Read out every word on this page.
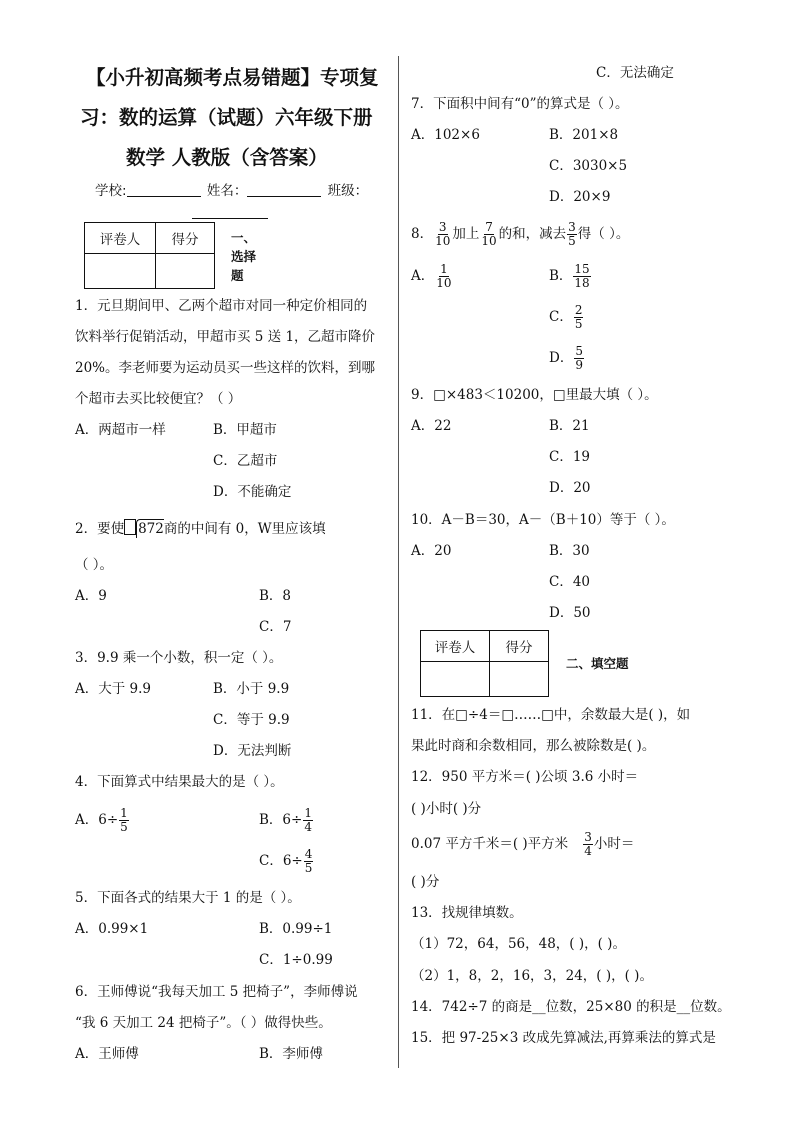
【小升初高频考点易错题】专项复
习：数的运算（试题）六年级下册
数学 人教版（含答案）
学校:	姓名：	班级：
评卷人	得分
		一、
选择
题
1．元旦期间甲、乙两个超市对同一种定价相同的
饮料举行促销活动，甲超市买 5 送 1，乙超市降价
20%。李老师要为运动员买一些这样的饮料，到哪
个超市去买比较便宜？（ ）
A．两超市一样	B．甲超市
C．乙超市
D．不能确定
2．要使 872商的中间有 0，W里应该填
（ ）。
A．9	B．8
C．7
3．9.9 乘一个小数，积一定（ ）。
A．大于 9.9	B．小于 9.9
C．等于 9.9
D．无法判断
4．下面算式中结果最大的是（ ）。
A．$6\div \frac{1}{5}$	B．$6\div \frac{1}{4}$
C．$6\div \frac{4}{5}$
5．下面各式的结果大于 1 的是（ ）。
A．0.99×1	B．0.99÷1
C．1÷0.99
6．王师傅说“我每天加工 5 把椅子”，李师傅说
“我 6 天加工 24 把椅子”。（ ）做得快些。
A．王师傅	B．李师傅
C．无法确定
7．下面积中间有“0”的算式是（ ）。
A．102×6	B．201×8
C．3030×5
D．20×9
8． $\frac{3}{10}$ 加上 $\frac{7}{10}$ 的和，减去 $\frac{3}{5}$ 得（ ）。
A． $\frac{1}{10}$	B． $\frac{15}{18}$
C． $\frac{2}{5}$
D． $\frac{5}{9}$
9．□×483＜10200，□里最大填（ ）。
A．22	B．21
C．19
D．20
10．A－B＝30，A－（B＋10）等于（ ）。
A．20	B．30
C．40
D．50
评卷人	得分

二、填空题
11．在□÷4＝□……□中，余数最大是( )，如
果此时商和余数相同，那么被除数是( )。
12．950 平方米＝( )公顷 3.6 小时＝
( )小时( )分
0.07 平方千米＝( )平方米 $\frac{3}{4}$ 小时＝
( )分
13．找规律填数。
（1）72，64，56，48，( )，( )。
（2）1，8，2，16，3，24，( )，( )。
14．742÷7 的商是__位数，25×80 的积是__位数。
15．把 97-25×3 改成先算减法,再算乘法的算式是
